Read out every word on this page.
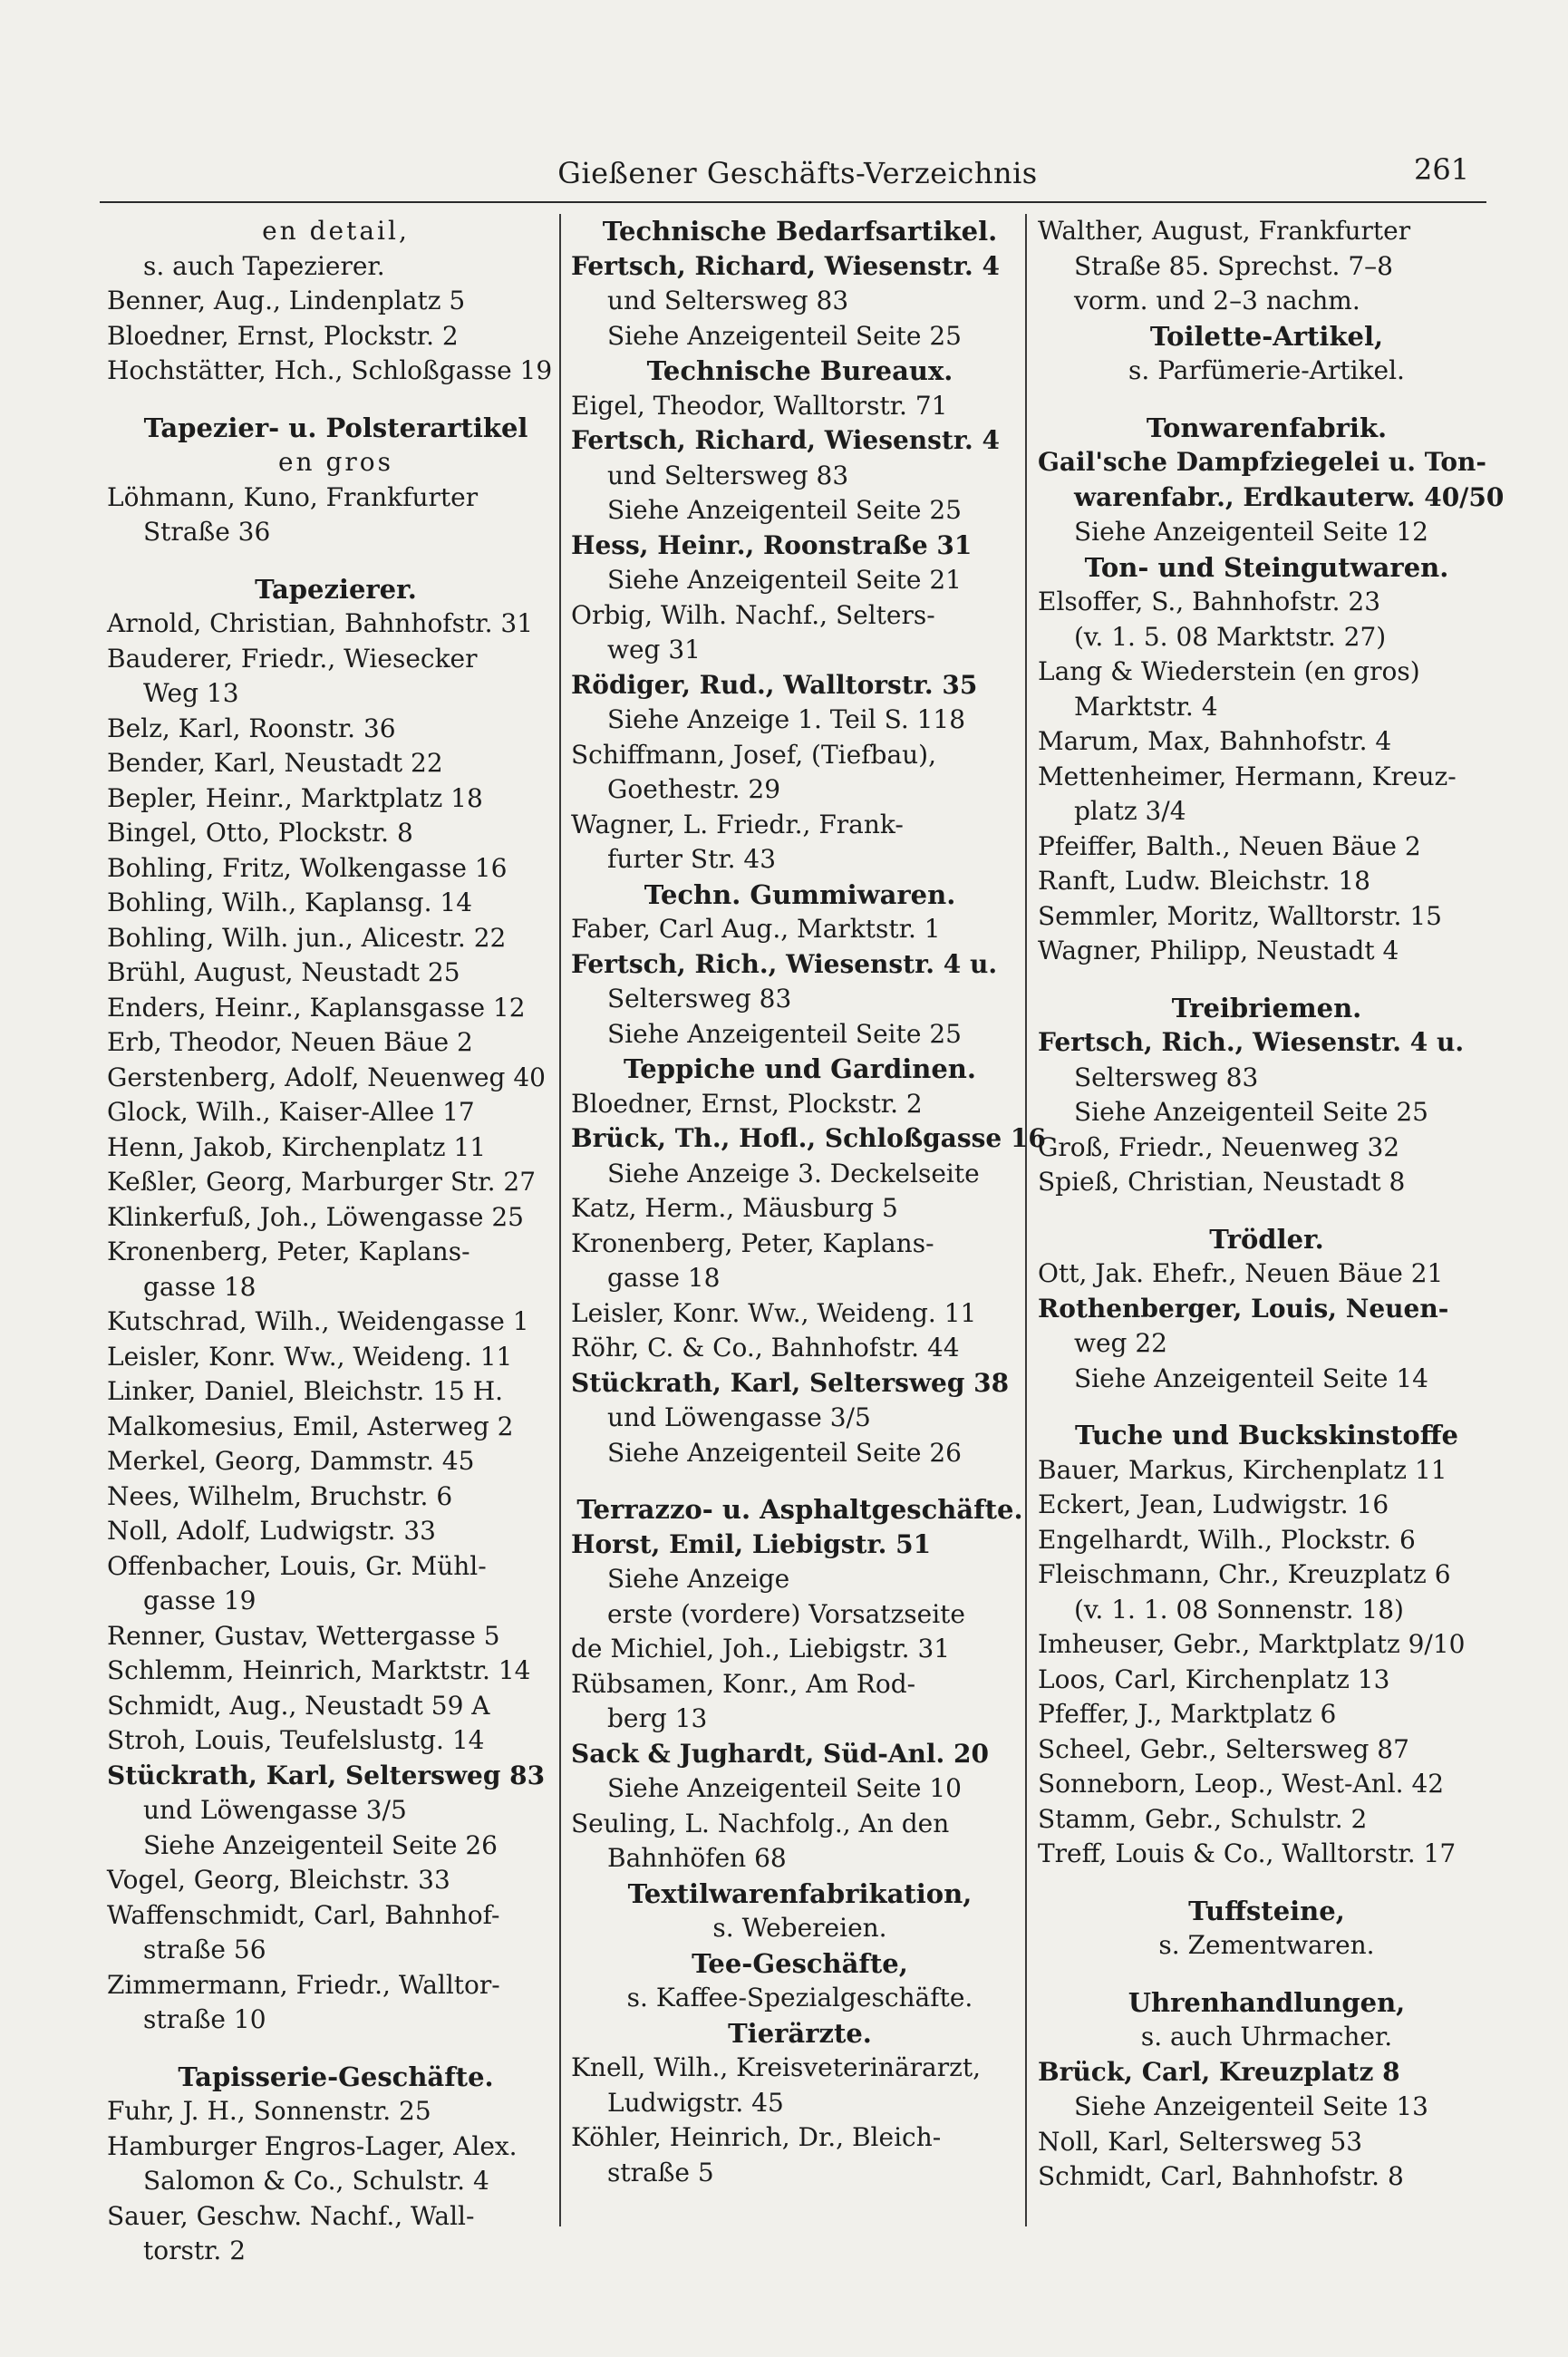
Gießener Geschäfts-Verzeichnis	261
en detail,
s. auch Tapezierer.
Benner, Aug., Lindenplatz 5
Bloedner, Ernst, Plockstr. 2
Hochstätter, Hch., Schloßgasse 19
Tapezier- u. Polsterartikel
en gros
Löhmann, Kuno, Frankfurter
Straße 36
Tapezierer.
Arnold, Christian, Bahnhofstr. 31
Bauderer, Friedr., Wiesecker
Weg 13
Belz, Karl, Roonstr. 36
Bender, Karl, Neustadt 22
Bepler, Heinr., Marktplatz 18
Bingel, Otto, Plockstr. 8
Bohling, Fritz, Wolkengasse 16
Bohling, Wilh., Kaplansg. 14
Bohling, Wilh. jun., Alicestr. 22
Brühl, August, Neustadt 25
Enders, Heinr., Kaplansgasse 12
Erb, Theodor, Neuen Bäue 2
Gerstenberg, Adolf, Neuenweg 40
Glock, Wilh., Kaiser-Allee 17
Henn, Jakob, Kirchenplatz 11
Keßler, Georg, Marburger Str. 27
Klinkerfuß, Joh., Löwengasse 25
Kronenberg, Peter, Kaplans-
gasse 18
Kutschrad, Wilh., Weidengasse 1
Leisler, Konr. Ww., Weideng. 11
Linker, Daniel, Bleichstr. 15 H.
Malkomesius, Emil, Asterweg 2
Merkel, Georg, Dammstr. 45
Nees, Wilhelm, Bruchstr. 6
Noll, Adolf, Ludwigstr. 33
Offenbacher, Louis, Gr. Mühl-
gasse 19
Renner, Gustav, Wettergasse 5
Schlemm, Heinrich, Marktstr. 14
Schmidt, Aug., Neustadt 59 A
Stroh, Louis, Teufelslustg. 14
Stückrath, Karl, Seltersweg 83
und Löwengasse 3/5
Siehe Anzeigenteil Seite 26
Vogel, Georg, Bleichstr. 33
Waffenschmidt, Carl, Bahnhof-
straße 56
Zimmermann, Friedr., Walltor-
straße 10
Tapisserie-Geschäfte.
Fuhr, J. H., Sonnenstr. 25
Hamburger Engros-Lager, Alex.
Salomon & Co., Schulstr. 4
Sauer, Geschw. Nachf., Wall-
torstr. 2
Technische Bedarfsartikel.
Fertsch, Richard, Wiesenstr. 4
und Seltersweg 83
Siehe Anzeigenteil Seite 25
Technische Bureaux.
Eigel, Theodor, Walltorstr. 71
Fertsch, Richard, Wiesenstr. 4
und Seltersweg 83
Siehe Anzeigenteil Seite 25
Hess, Heinr., Roonstraße 31
Siehe Anzeigenteil Seite 21
Orbig, Wilh. Nachf., Selters-
weg 31
Rödiger, Rud., Walltorstr. 35
Siehe Anzeige 1. Teil S. 118
Schiffmann, Josef, (Tiefbau),
Goethestr. 29
Wagner, L. Friedr., Frank-
furter Str. 43
Techn. Gummiwaren.
Faber, Carl Aug., Marktstr. 1
Fertsch, Rich., Wiesenstr. 4 u.
Seltersweg 83
Siehe Anzeigenteil Seite 25
Teppiche und Gardinen.
Bloedner, Ernst, Plockstr. 2
Brück, Th., Hofl., Schloßgasse 16
Siehe Anzeige 3. Deckelseite
Katz, Herm., Mäusburg 5
Kronenberg, Peter, Kaplans-
gasse 18
Leisler, Konr. Ww., Weideng. 11
Röhr, C. & Co., Bahnhofstr. 44
Stückrath, Karl, Seltersweg 38
und Löwengasse 3/5
Siehe Anzeigenteil Seite 26
Terrazzo- u. Asphaltgeschäfte.
Horst, Emil, Liebigstr. 51
Siehe Anzeige
erste (vordere) Vorsatzseite
de Michiel, Joh., Liebigstr. 31
Rübsamen, Konr., Am Rod-
berg 13
Sack & Jughardt, Süd-Anl. 20
Siehe Anzeigenteil Seite 10
Seuling, L. Nachfolg., An den
Bahnhöfen 68
Textilwarenfabrikation,
s. Webereien.
Tee-Geschäfte,
s. Kaffee-Spezialgeschäfte.
Tierärzte.
Knell, Wilh., Kreisveterinärarzt,
Ludwigstr. 45
Köhler, Heinrich, Dr., Bleich-
straße 5
Walther, August, Frankfurter
Straße 85. Sprechst. 7–8
vorm. und 2–3 nachm.
Toilette-Artikel,
s. Parfümerie-Artikel.
Tonwarenfabrik.
Gail'sche Dampfziegelei u. Ton-
warenfabr., Erdkauterw. 40/50
Siehe Anzeigenteil Seite 12
Ton- und Steingutwaren.
Elsoffer, S., Bahnhofstr. 23
(v. 1. 5. 08 Marktstr. 27)
Lang & Wiederstein (en gros)
Marktstr. 4
Marum, Max, Bahnhofstr. 4
Mettenheimer, Hermann, Kreuz-
platz 3/4
Pfeiffer, Balth., Neuen Bäue 2
Ranft, Ludw. Bleichstr. 18
Semmler, Moritz, Walltorstr. 15
Wagner, Philipp, Neustadt 4
Treibriemen.
Fertsch, Rich., Wiesenstr. 4 u.
Seltersweg 83
Siehe Anzeigenteil Seite 25
Groß, Friedr., Neuenweg 32
Spieß, Christian, Neustadt 8
Trödler.
Ott, Jak. Ehefr., Neuen Bäue 21
Rothenberger, Louis, Neuen-
weg 22
Siehe Anzeigenteil Seite 14
Tuche und Buckskinstoffe
Bauer, Markus, Kirchenplatz 11
Eckert, Jean, Ludwigstr. 16
Engelhardt, Wilh., Plockstr. 6
Fleischmann, Chr., Kreuzplatz 6
(v. 1. 1. 08 Sonnenstr. 18)
Imheuser, Gebr., Marktplatz 9/10
Loos, Carl, Kirchenplatz 13
Pfeffer, J., Marktplatz 6
Scheel, Gebr., Seltersweg 87
Sonneborn, Leop., West-Anl. 42
Stamm, Gebr., Schulstr. 2
Treff, Louis & Co., Walltorstr. 17
Tuffsteine,
s. Zementwaren.
Uhrenhandlungen,
s. auch Uhrmacher.
Brück, Carl, Kreuzplatz 8
Siehe Anzeigenteil Seite 13
Noll, Karl, Seltersweg 53
Schmidt, Carl, Bahnhofstr. 8
